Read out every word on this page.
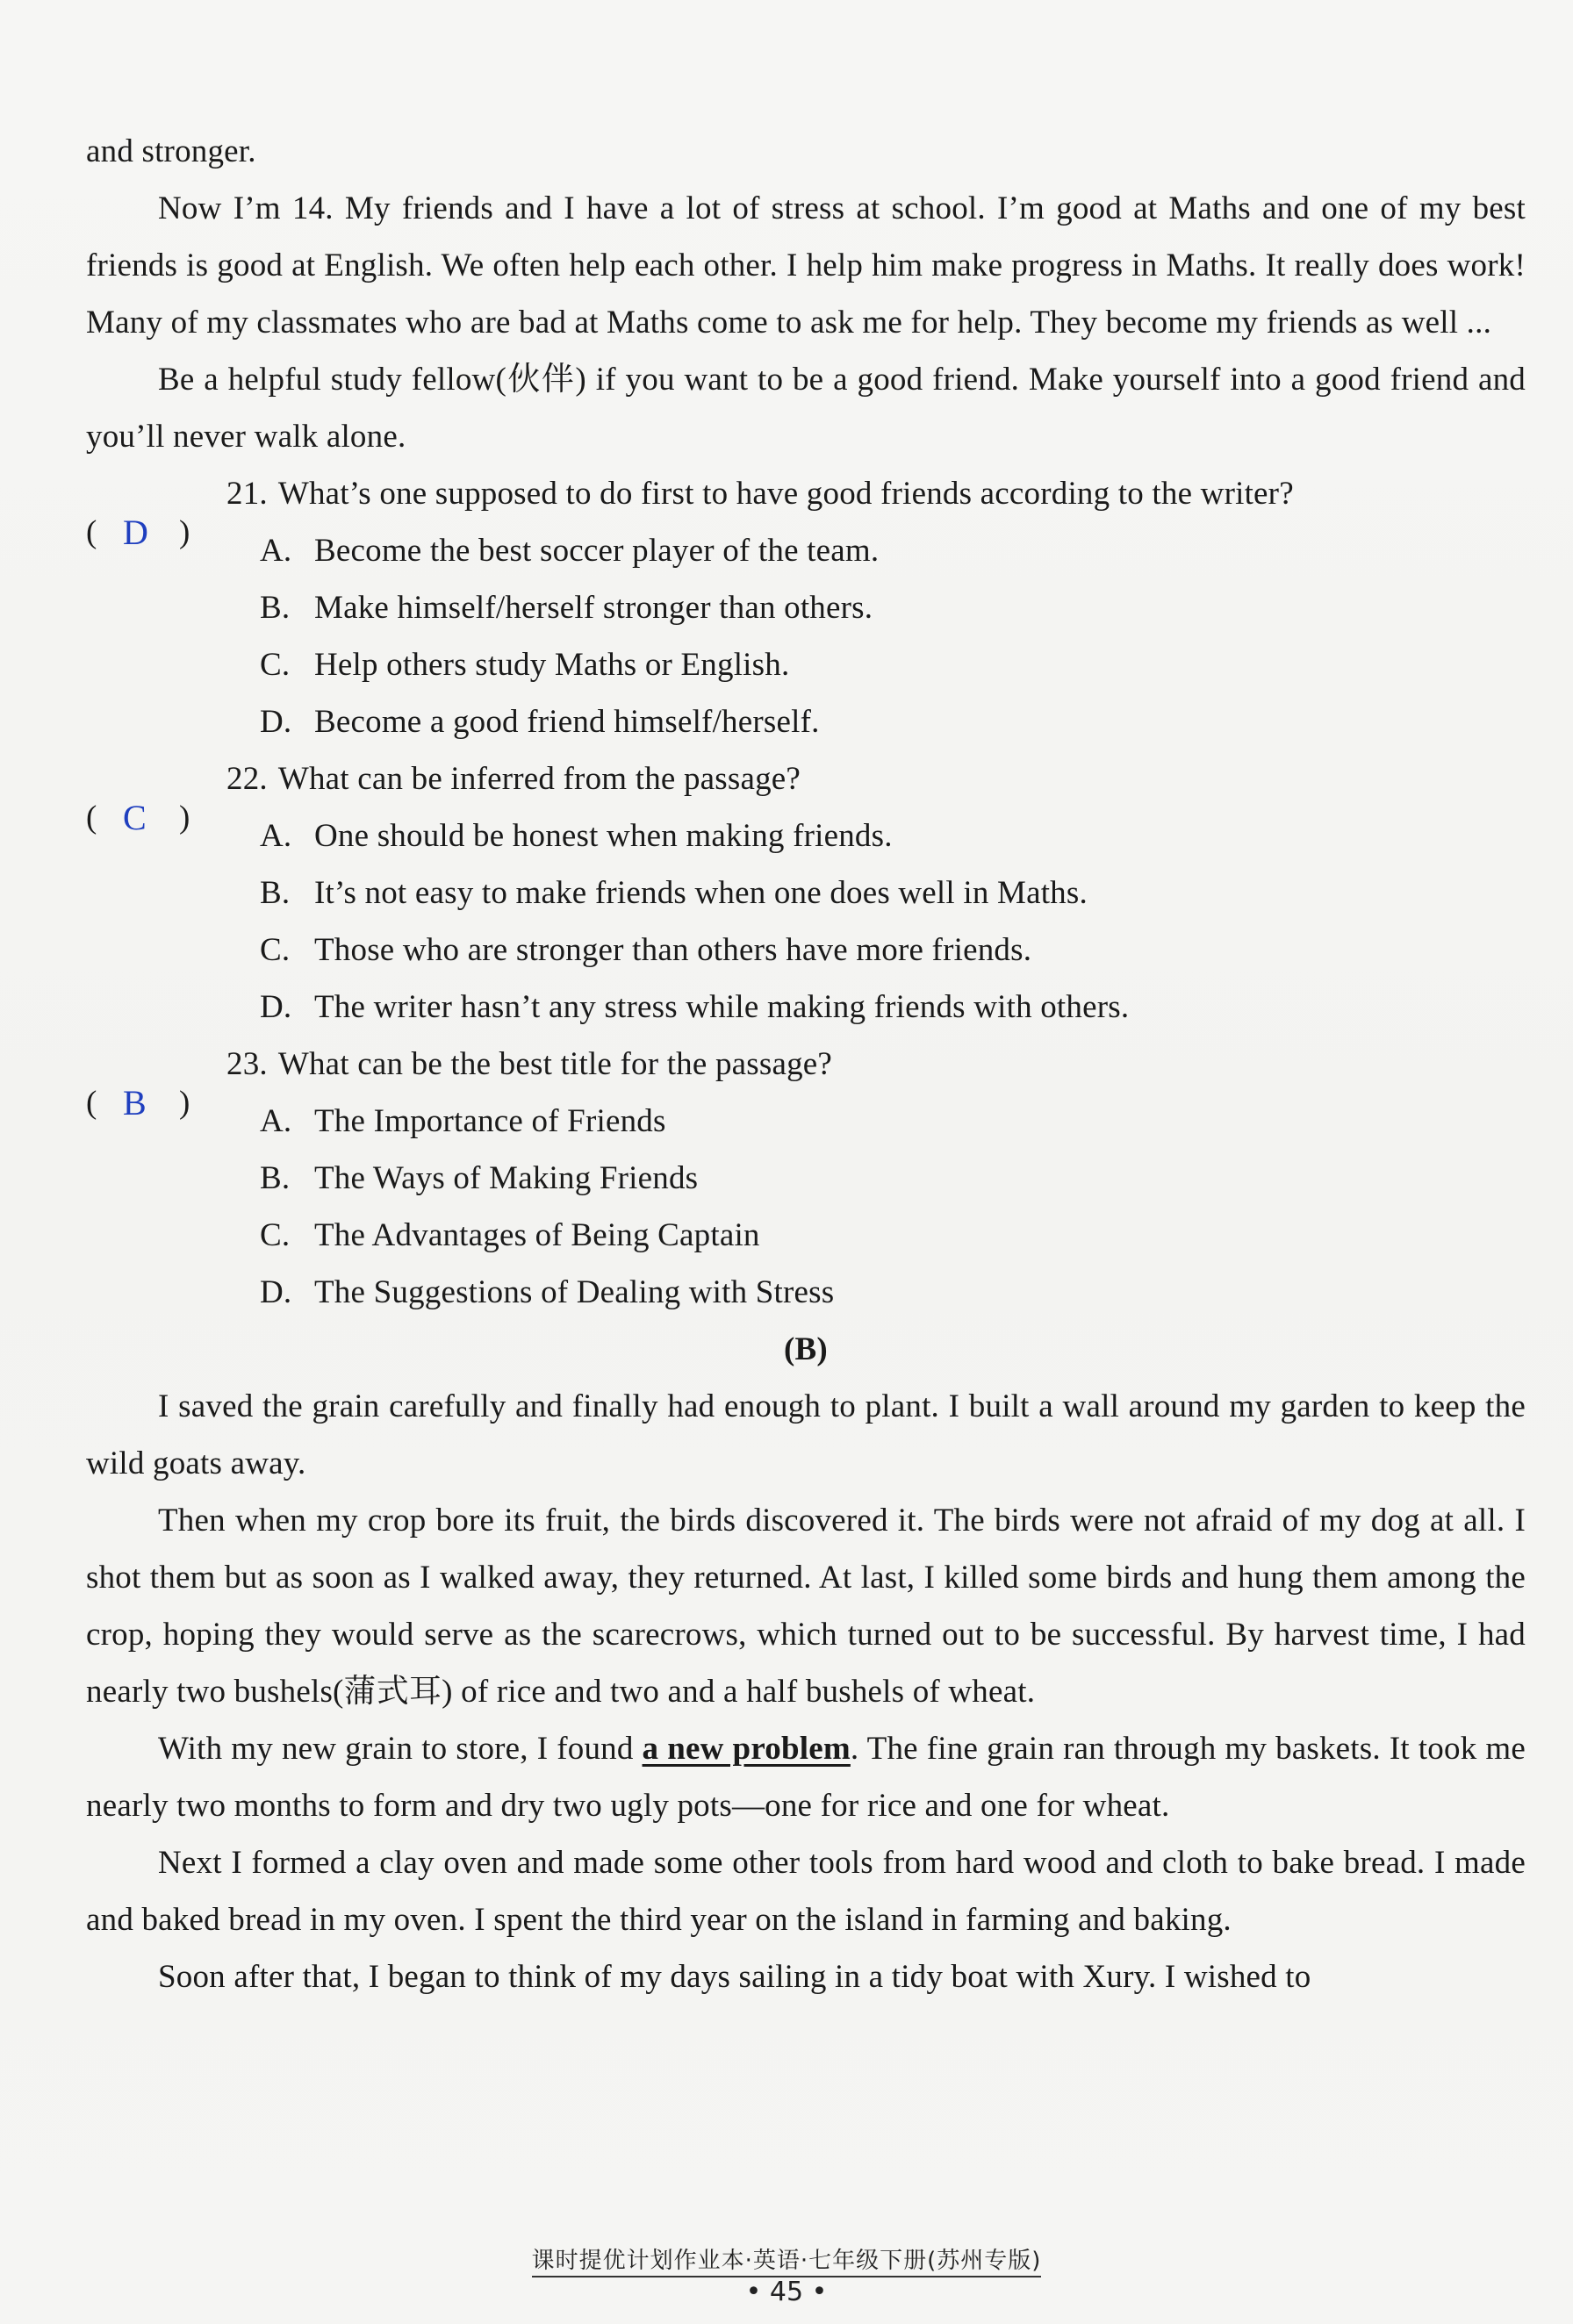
and stronger.

Now I’m 14. My friends and I have a lot of stress at school. I’m good at Maths and one of my best friends is good at English. We often help each other. I help him make progress in Maths. It really does work! Many of my classmates who are bad at Maths come to ask me for help. They become my friends as well ...

Be a helpful study fellow(伙伴) if you want to be a good friend. Make yourself into a good friend and you’ll never walk alone.

( D )
21. What’s one supposed to do first to have good friends according to the writer?
A. Become the best soccer player of the team.
B. Make himself/herself stronger than others.
C. Help others study Maths or English.
D. Become a good friend himself/herself.
( C )
22. What can be inferred from the passage?
A. One should be honest when making friends.
B. It’s not easy to make friends when one does well in Maths.
C. Those who are stronger than others have more friends.
D. The writer hasn’t any stress while making friends with others.
( B )
23. What can be the best title for the passage?
A. The Importance of Friends
B. The Ways of Making Friends
C. The Advantages of Being Captain
D. The Suggestions of Dealing with Stress
(B)

I saved the grain carefully and finally had enough to plant. I built a wall around my garden to keep the wild goats away.

Then when my crop bore its fruit, the birds discovered it. The birds were not afraid of my dog at all. I shot them but as soon as I walked away, they returned. At last, I killed some birds and hung them among the crop, hoping they would serve as the scarecrows, which turned out to be successful. By harvest time, I had nearly two bushels(蒲式耳) of rice and two and a half bushels of wheat.

With my new grain to store, I found a new problem. The fine grain ran through my baskets. It took me nearly two months to form and dry two ugly pots—one for rice and one for wheat.

Next I formed a clay oven and made some other tools from hard wood and cloth to bake bread. I made and baked bread in my oven. I spent the third year on the island in farming and baking.

Soon after that, I began to think of my days sailing in a tidy boat with Xury. I wished to

课时提优计划作业本·英语·七年级下册(苏州专版)
• 45 •
